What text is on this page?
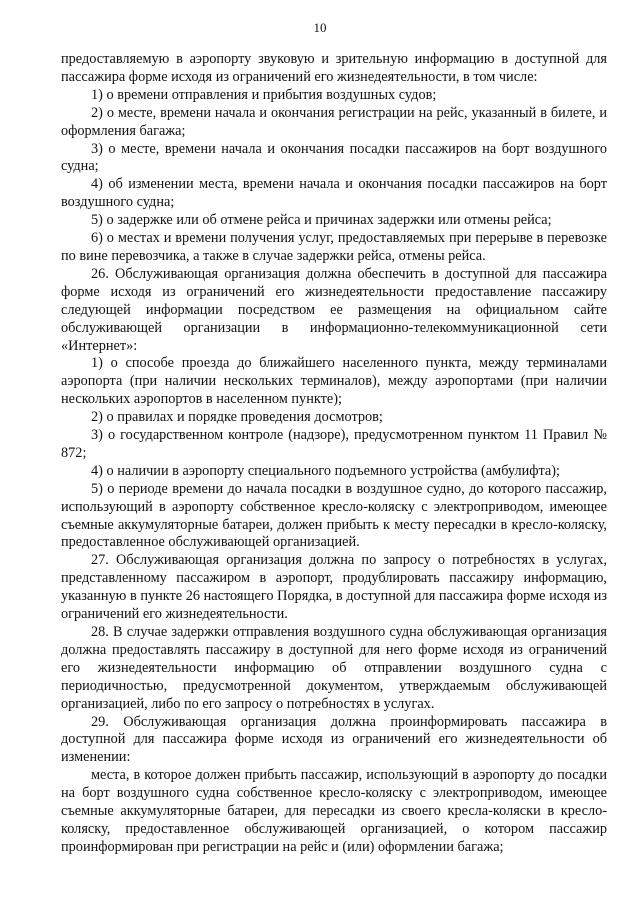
10

предоставляемую в аэропорту звуковую и зрительную информацию в доступной для пассажира форме исходя из ограничений его жизнедеятельности, в том числе:

1) о времени отправления и прибытия воздушных судов;

2) о месте, времени начала и окончания регистрации на рейс, указанный в билете, и оформления багажа;

3) о месте, времени начала и окончания посадки пассажиров на борт воздушного судна;

4) об изменении места, времени начала и окончания посадки пассажиров на борт воздушного судна;

5) о задержке или об отмене рейса и причинах задержки или отмены рейса;

6) о местах и времени получения услуг, предоставляемых при перерыве в перевозке по вине перевозчика, а также в случае задержки рейса, отмены рейса.

26. Обслуживающая организация должна обеспечить в доступной для пассажира форме исходя из ограничений его жизнедеятельности предоставление пассажиру следующей информации посредством ее размещения на официальном сайте обслуживающей организации в информационно-телекоммуникационной сети «Интернет»:

1) о способе проезда до ближайшего населенного пункта, между терминалами аэропорта (при наличии нескольких терминалов), между аэропортами (при наличии нескольких аэропортов в населенном пункте);

2) о правилах и порядке проведения досмотров;

3) о государственном контроле (надзоре), предусмотренном пунктом 11 Правил № 872;

4) о наличии в аэропорту специального подъемного устройства (амбулифта);

5) о периоде времени до начала посадки в воздушное судно, до которого пассажир, использующий в аэропорту собственное кресло-коляску с электроприводом, имеющее съемные аккумуляторные батареи, должен прибыть к месту пересадки в кресло-коляску, предоставленное обслуживающей организацией.

27. Обслуживающая организация должна по запросу о потребностях в услугах, представленному пассажиром в аэропорт, продублировать пассажиру информацию, указанную в пункте 26 настоящего Порядка, в доступной для пассажира форме исходя из ограничений его жизнедеятельности.

28. В случае задержки отправления воздушного судна обслуживающая организация должна предоставлять пассажиру в доступной для него форме исходя из ограничений его жизнедеятельности информацию об отправлении воздушного судна с периодичностью, предусмотренной документом, утверждаемым обслуживающей организацией, либо по его запросу о потребностях в услугах.

29. Обслуживающая организация должна проинформировать пассажира в доступной для пассажира форме исходя из ограничений его жизнедеятельности об изменении:

места, в которое должен прибыть пассажир, использующий в аэропорту до посадки на борт воздушного судна собственное кресло-коляску с электроприводом, имеющее съемные аккумуляторные батареи, для пересадки из своего кресла-коляски в кресло-коляску, предоставленное обслуживающей организацией, о котором пассажир проинформирован при регистрации на рейс и (или) оформлении багажа;
